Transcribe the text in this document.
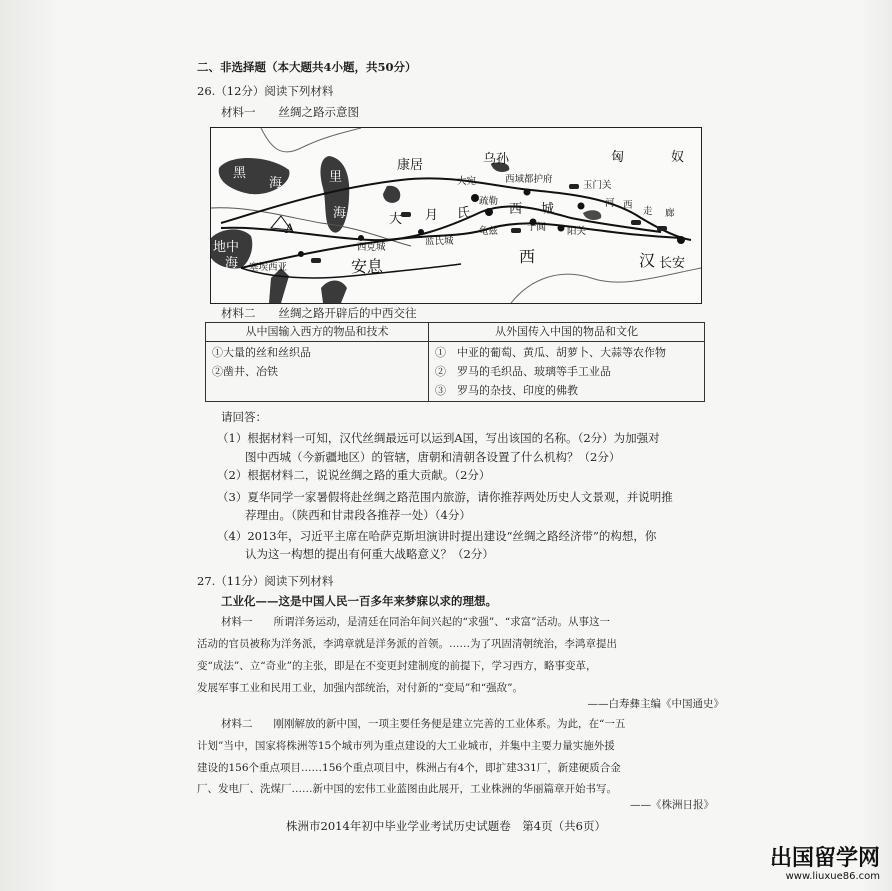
二、非选择题（本大题共4小题，共50分）
26.（12分）阅读下列材料
材料一　　丝绸之路示意图
黑
海	里
海
康居	乌孙	匈	奴
大宛	西域都护府
玉门关
大 月 氏
疏勒
西 城	河 西
走 廊
A
地中
海
西克城
蓝氏城
于阗 阳关
龟兹
塞埃西亚	安息
西	汉 长安
材料二　　丝绸之路开辟后的中西交往
从中国输入西方的物品和技术	从外国传入中国的物品和文化

①大量的丝和丝织品
②凿井、冶铁	①　中亚的葡萄、黄瓜、胡萝卜、大蒜等农作物
②　罗马的毛织品、玻璃等手工业品
③　罗马的杂技、印度的佛教
请回答：
（1）根据材料一可知，汉代丝绸最远可以运到A国，写出该国的名称。（2分）为加强对
图中西城（今新疆地区）的管辖，唐朝和清朝各设置了什么机构？（2分）
（2）根据材料二，说说丝绸之路的重大贡献。（2分）
（3）夏华同学一家暑假将赴丝绸之路范围内旅游，请你推荐两处历史人文景观，并说明推
荐理由。（陕西和甘肃段各推荐一处）（4分）
（4）2013年，习近平主席在哈萨克斯坦演讲时提出建设“丝绸之路经济带”的构想，你
认为这一构想的提出有何重大战略意义？（2分）
27.（11分）阅读下列材料
工业化——这是中国人民一百多年来梦寐以求的理想。
材料一　　所谓洋务运动，是清廷在同治年间兴起的“求强”、“求富”活动。从事这一
活动的官员被称为洋务派，李鸿章就是洋务派的首领。……为了巩固清朝统治，李鸿章提出
变“成法”、立“奇业”的主张，即是在不变更封建制度的前提下，学习西方，略事变革，
发展军事工业和民用工业，加强内部统治，对付新的“变局”和“强敌”。
——白寿彝主编《中国通史》
材料二　　刚刚解放的新中国，一项主要任务便是建立完善的工业体系。为此，在“一五
计划”当中，国家将株洲等15个城市列为重点建设的大工业城市，并集中主要力量实施外援
建设的156个重点项目……156个重点项目中，株洲占有4个，即扩建331厂，新建硬质合金
厂、发电厂、洗煤厂……新中国的宏伟工业蓝图由此展开，工业株洲的华丽篇章开始书写。
——《株洲日报》
株洲市2014年初中毕业学业考试历史试题卷　第4页（共6页）
出国留学网
www.liuxue86.com
